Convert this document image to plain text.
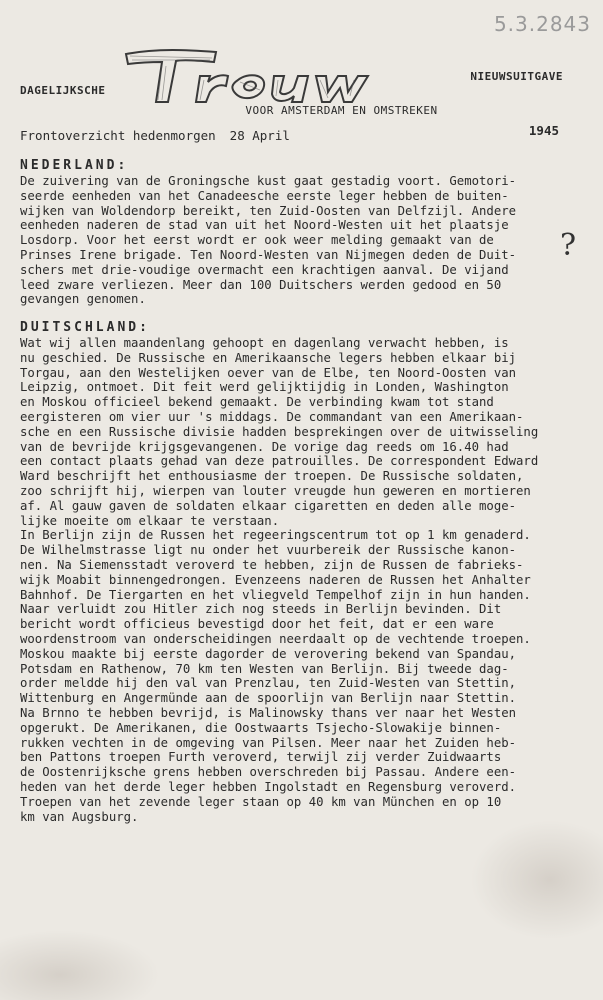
5.3.2843
DAGELIJKSCHE
NIEUWSUITGAVE
VOOR AMSTERDAM EN OMSTREKEN
Frontoverzicht hedenmorgen 28 April	1945
NEDERLAND:
De zuivering van de Groningsche kust gaat gestadig voort. Gemotori-
seerde eenheden van het Canadeesche eerste leger hebben de buiten-
wijken van Woldendorp bereikt, ten Zuid-Oosten van Delfzijl. Andere
eenheden naderen de stad van uit het Noord-Westen uit het plaatsje
Losdorp. Voor het eerst wordt er ook weer melding gemaakt van de
Prinses Irene brigade. Ten Noord-Westen van Nijmegen deden de Duit-
schers met drie-voudige overmacht een krachtigen aanval. De vijand
leed zware verliezen. Meer dan 100 Duitschers werden gedood en 50
gevangen genomen.
?
DUITSCHLAND:
Wat wij allen maandenlang gehoopt en dagenlang verwacht hebben, is
nu geschied. De Russische en Amerikaansche legers hebben elkaar bij
Torgau, aan den Westelijken oever van de Elbe, ten Noord-Oosten van
Leipzig, ontmoet. Dit feit werd gelijktijdig in Londen, Washington
en Moskou officieel bekend gemaakt. De verbinding kwam tot stand
eergisteren om vier uur 's middags. De commandant van een Amerikaan-
sche en een Russische divisie hadden besprekingen over de uitwisseling
van de bevrijde krijgsgevangenen. De vorige dag reeds om 16.40 had
een contact plaats gehad van deze patrouilles. De correspondent Edward
Ward beschrijft het enthousiasme der troepen. De Russische soldaten,
zoo schrijft hij, wierpen van louter vreugde hun geweren en mortieren
af. Al gauw gaven de soldaten elkaar cigaretten en deden alle moge-
lijke moeite om elkaar te verstaan.
In Berlijn zijn de Russen het regeeringscentrum tot op 1 km genaderd.
De Wilhelmstrasse ligt nu onder het vuurbereik der Russische kanon-
nen. Na Siemensstadt veroverd te hebben, zijn de Russen de fabrieks-
wijk Moabit binnengedrongen. Evenzeens naderen de Russen het Anhalter
Bahnhof. De Tiergarten en het vliegveld Tempelhof zijn in hun handen.
Naar verluidt zou Hitler zich nog steeds in Berlijn bevinden. Dit
bericht wordt officieus bevestigd door het feit, dat er een ware
woordenstroom van onderscheidingen neerdaalt op de vechtende troepen.
Moskou maakte bij eerste dagorder de verovering bekend van Spandau,
Potsdam en Rathenow, 70 km ten Westen van Berlijn. Bij tweede dag-
order meldde hij den val van Prenzlau, ten Zuid-Westen van Stettin,
Wittenburg en Angermünde aan de spoorlijn van Berlijn naar Stettin.
Na Brnno te hebben bevrijd, is Malinowsky thans ver naar het Westen
opgerukt. De Amerikanen, die Oostwaarts Tsjecho-Slowakije binnen-
rukken vechten in de omgeving van Pilsen. Meer naar het Zuiden heb-
ben Pattons troepen Furth veroverd, terwijl zij verder Zuidwaarts
de Oostenrijksche grens hebben overschreden bij Passau. Andere een-
heden van het derde leger hebben Ingolstadt en Regensburg veroverd.
Troepen van het zevende leger staan op 40 km van München en op 10
km van Augsburg.
